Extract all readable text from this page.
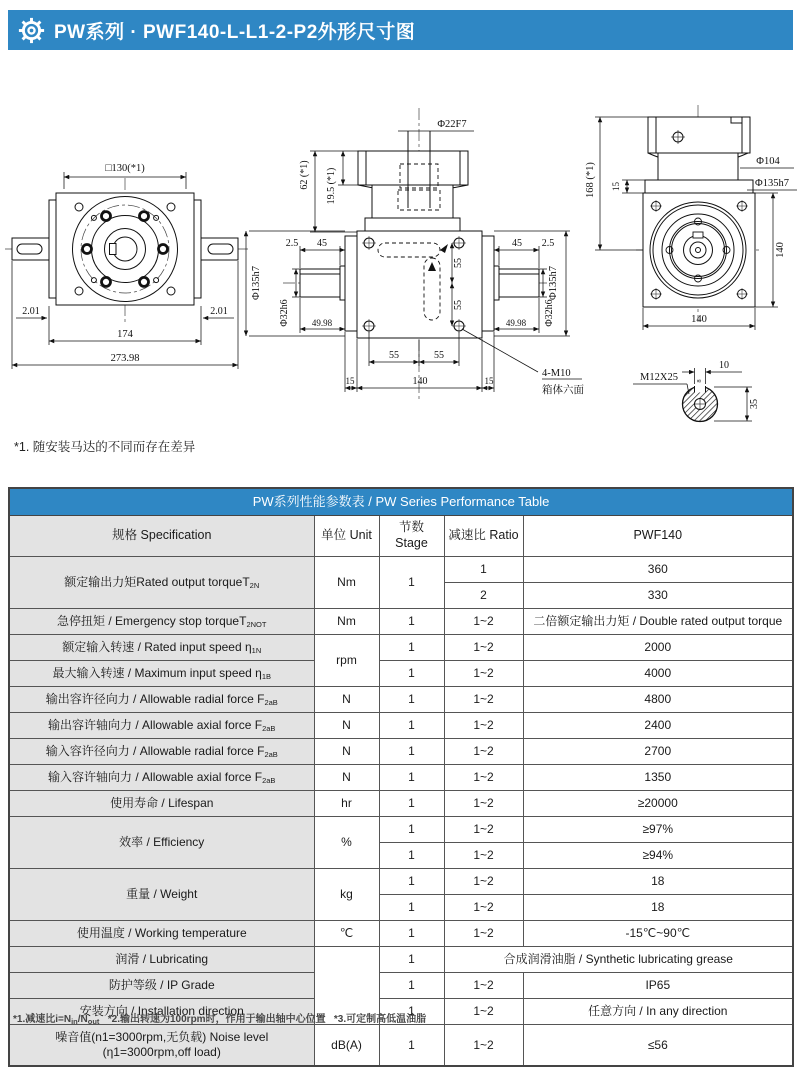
PW系列 · PWF140-L-L1-2-P2外形尺寸图
□130(*1)
2.01	2.01
174
273.98
Φ22F7
62 (*1) 19.5 (*1)
2.5 45	45 2.5
Φ135h7	Φ135h7
Φ32h6	Φ32h6
49.98	49.98
55
55
55	55
15	140	15
4-M10
箱体六面
Φ104
Φ135h7
15
168 (*1)
140
140
8
10
35
M12X25
*1. 随安装马达的不同而存在差异
PW系列性能参数表 / PW Series Performance Table				
规格 Specification	单位 Unit	节数 Stage	减速比 Ratio	PWF140
额定输出力矩Rated output torqueT$_{2N}$	Nm	1	1	360
			2	330
急停扭矩 / Emergency stop torqueT$_{2NOT}$	Nm	1	1~2	二倍额定输出力矩 / Double rated output torque
额定输入转速 / Rated input speed $\eta_{1N}$	rpm	1	1~2	2000
最大输入转速 / Maximum input speed $\eta_{1B}$		1	1~2	4000
输出容许径向力 / Allowable radial force $F_{2aB}$	N	1	1~2	4800
输出容许轴向力 / Allowable axial force $F_{2aB}$	N	1	1~2	2400
输入容许径向力 / Allowable radial force $F_{2aB}$	N	1	1~2	2700
输入容许轴向力 / Allowable axial force $F_{2aB}$	N	1	1~2	1350
使用寿命 / Lifespan	hr	1	1~2	≥20000
效率 / Efficiency	%	1	1~2	≥97%
		1	1~2	≥94%
重量 / Weight	kg	1	1~2	18
		1	1~2	18
使用温度 / Working temperature	℃	1	1~2	-15℃~90℃
润滑 / Lubricating		1	合成润滑油脂 / Synthetic lubricating grease	
防护等级 / IP Grade		1	1~2	IP65
安装方向 / Installation direction		1	1~2	任意方向 / In any direction
噪音值(n1=3000rpm,无负载) Noise level
(η1=3000rpm,off load)	dB(A)	1	1~2	≤56
*1.减速比$i=N_{in}/N_{out}$   *2.输出转速为100rpm时，作用于输出轴中心位置   *3.可定制高低温油脂
